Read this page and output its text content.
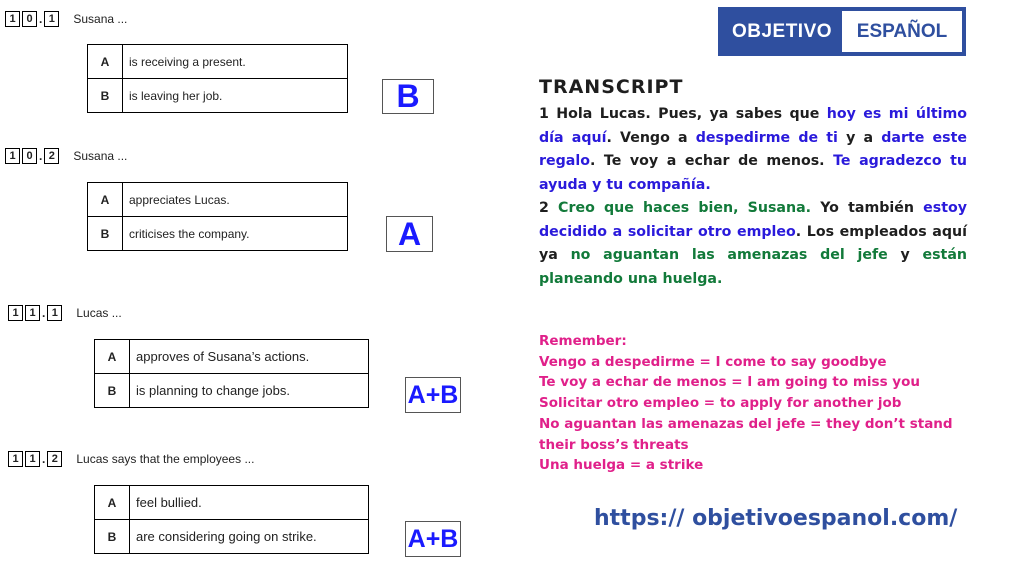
1 0 . 1	Susana ...
A	is receiving a present.
B	is leaving her job.	B
1 0 . 2	Susana ...
A	appreciates Lucas.
B	criticises the company.	A
1 1 . 1	Lucas ...
A	approves of Susana’s actions.
B	is planning to change jobs.	A+B
1 1 . 2	Lucas says that the employees ...
A	feel bullied.
B	are considering going on strike.	A+B
OBJETIVO	ESPAÑOL
TRANSCRIPT

1 Hola Lucas. Pues, ya sabes que hoy es mi último día aquí. Vengo a despedirme de ti y a darte este regalo. Te voy a echar de menos. Te agradezco tu ayuda y tu compañía.

2 Creo que haces bien, Susana. Yo también estoy decidido a solicitar otro empleo. Los empleados aquí ya no aguantan las amenazas del jefe y están planeando una huelga.

Remember:
Vengo a despedirme = I come to say goodbye
Te voy a echar de menos = I am going to miss you
Solicitar otro empleo = to apply for another job
No aguantan las amenazas del jefe = they don’t stand their boss’s threats
Una huelga = a strike
https:// objetivoespanol.com/
